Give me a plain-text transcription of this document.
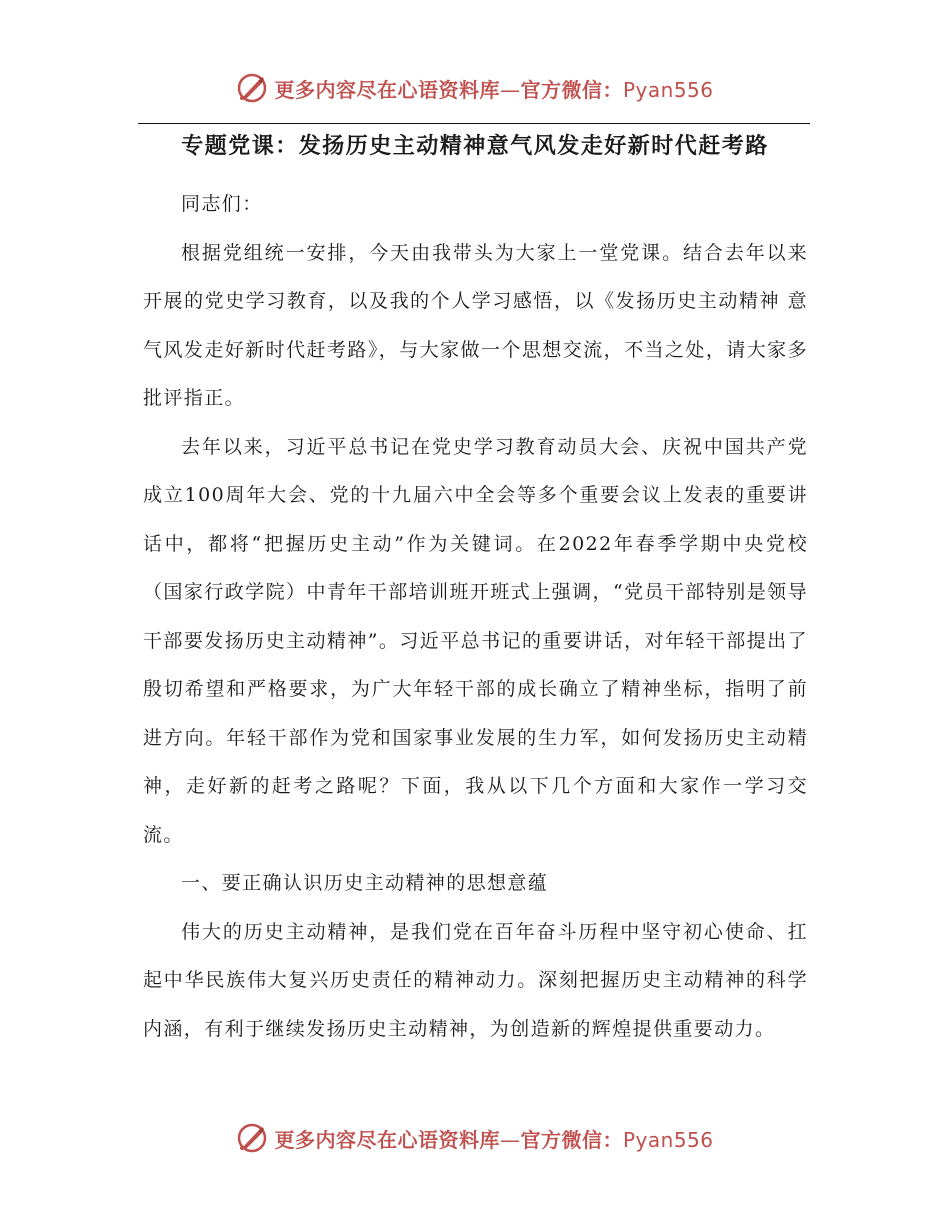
更多内容尽在心语资料库—官方微信：Pyan556
专题党课：发扬历史主动精神意气风发走好新时代赶考路

同志们：

根据党组统一安排，今天由我带头为大家上一堂党课。结合去年以来开展的党史学习教育，以及我的个人学习感悟，以《发扬历史主动精神 意气风发走好新时代赶考路》，与大家做一个思想交流，不当之处，请大家多批评指正。

去年以来，习近平总书记在党史学习教育动员大会、庆祝中国共产党成立100周年大会、党的十九届六中全会等多个重要会议上发表的重要讲话中，都将“把握历史主动”作为关键词。在2022年春季学期中央党校（国家行政学院）中青年干部培训班开班式上强调，“党员干部特别是领导干部要发扬历史主动精神”。习近平总书记的重要讲话，对年轻干部提出了殷切希望和严格要求，为广大年轻干部的成长确立了精神坐标，指明了前进方向。年轻干部作为党和国家事业发展的生力军，如何发扬历史主动精神，走好新的赶考之路呢？下面，我从以下几个方面和大家作一学习交流。

一、要正确认识历史主动精神的思想意蕴

伟大的历史主动精神，是我们党在百年奋斗历程中坚守初心使命、扛起中华民族伟大复兴历史责任的精神动力。深刻把握历史主动精神的科学内涵，有利于继续发扬历史主动精神，为创造新的辉煌提供重要动力。

更多内容尽在心语资料库—官方微信：Pyan556
